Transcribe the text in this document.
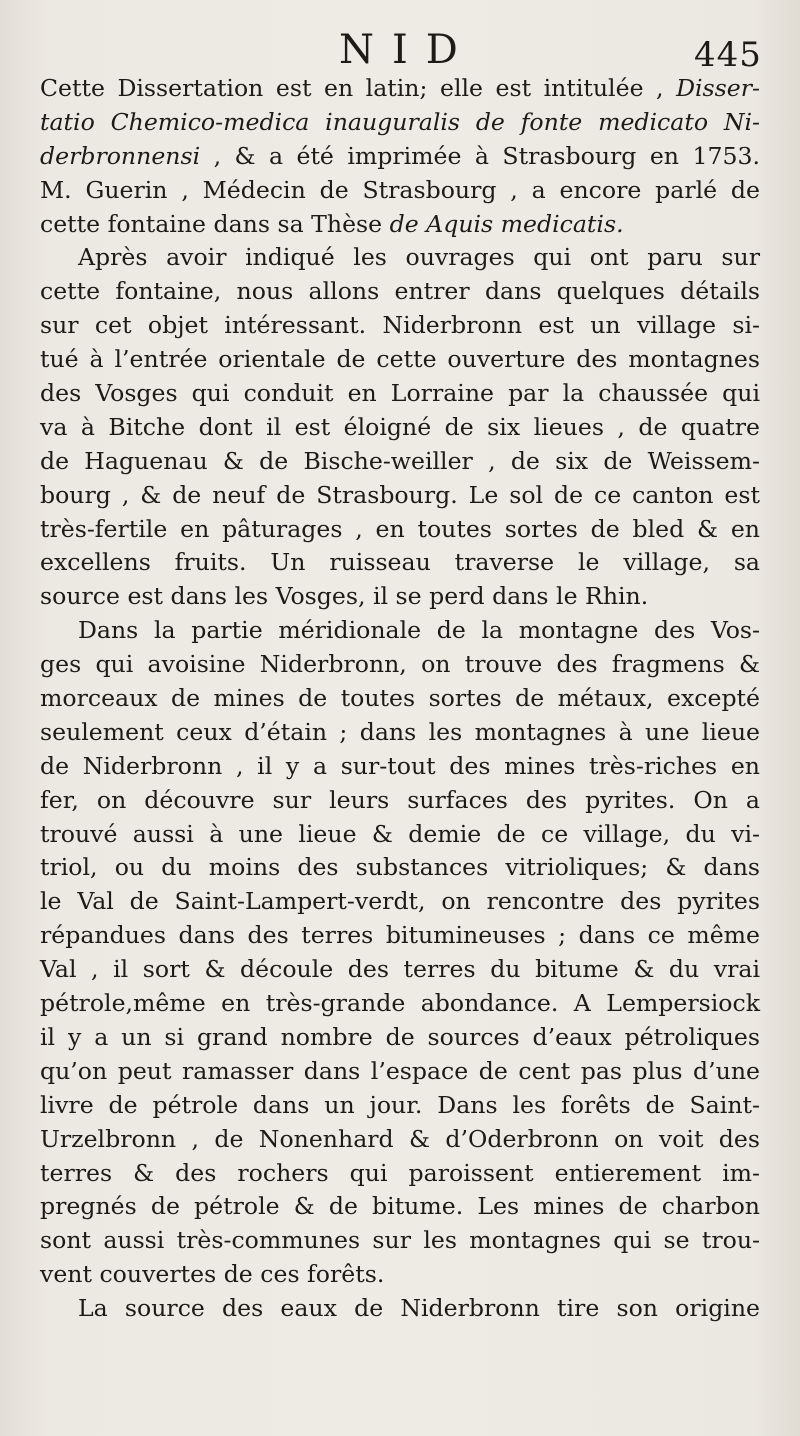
NID	445
Cette Dissertation est en latin; elle est intitulée , Disser-
tatio Chemico-medica inauguralis de fonte medicato Ni-
derbronnensi , & a été imprimée à Strasbourg en 1753.
M. Guerin , Médecin de Strasbourg , a encore parlé de
cette fontaine dans sa Thèse de Aquis medicatis.
Après avoir indiqué les ouvrages qui ont paru sur
cette fontaine, nous allons entrer dans quelques détails
sur cet objet intéressant. Niderbronn est un village si-
tué à l’entrée orientale de cette ouverture des montagnes
des Vosges qui conduit en Lorraine par la chaussée qui
va à Bitche dont il est éloigné de six lieues , de quatre
de Haguenau & de Bische-weiller , de six de Weissem-
bourg , & de neuf de Strasbourg. Le sol de ce canton est
très-fertile en pâturages , en toutes sortes de bled & en
excellens fruits. Un ruisseau traverse le village, sa
source est dans les Vosges, il se perd dans le Rhin.
Dans la partie méridionale de la montagne des Vos-
ges qui avoisine Niderbronn, on trouve des fragmens &
morceaux de mines de toutes sortes de métaux, excepté
seulement ceux d’étain ; dans les montagnes à une lieue
de Niderbronn , il y a sur-tout des mines très-riches en
fer, on découvre sur leurs surfaces des pyrites. On a
trouvé aussi à une lieue & demie de ce village, du vi-
triol, ou du moins des substances vitrioliques; & dans
le Val de Saint-Lampert-verdt, on rencontre des pyrites
répandues dans des terres bitumineuses ; dans ce même
Val , il sort & découle des terres du bitume & du vrai
pétrole,même en très-grande abondance. A Lempersiock
il y a un si grand nombre de sources d’eaux pétroliques
qu’on peut ramasser dans l’espace de cent pas plus d’une
livre de pétrole dans un jour. Dans les forêts de Saint-
Urzelbronn , de Nonenhard & d’Oderbronn on voit des
terres & des rochers qui paroissent entierement im-
pregnés de pétrole & de bitume. Les mines de charbon
sont aussi très-communes sur les montagnes qui se trou-
vent couvertes de ces forêts.
La source des eaux de Niderbronn tire son origine
